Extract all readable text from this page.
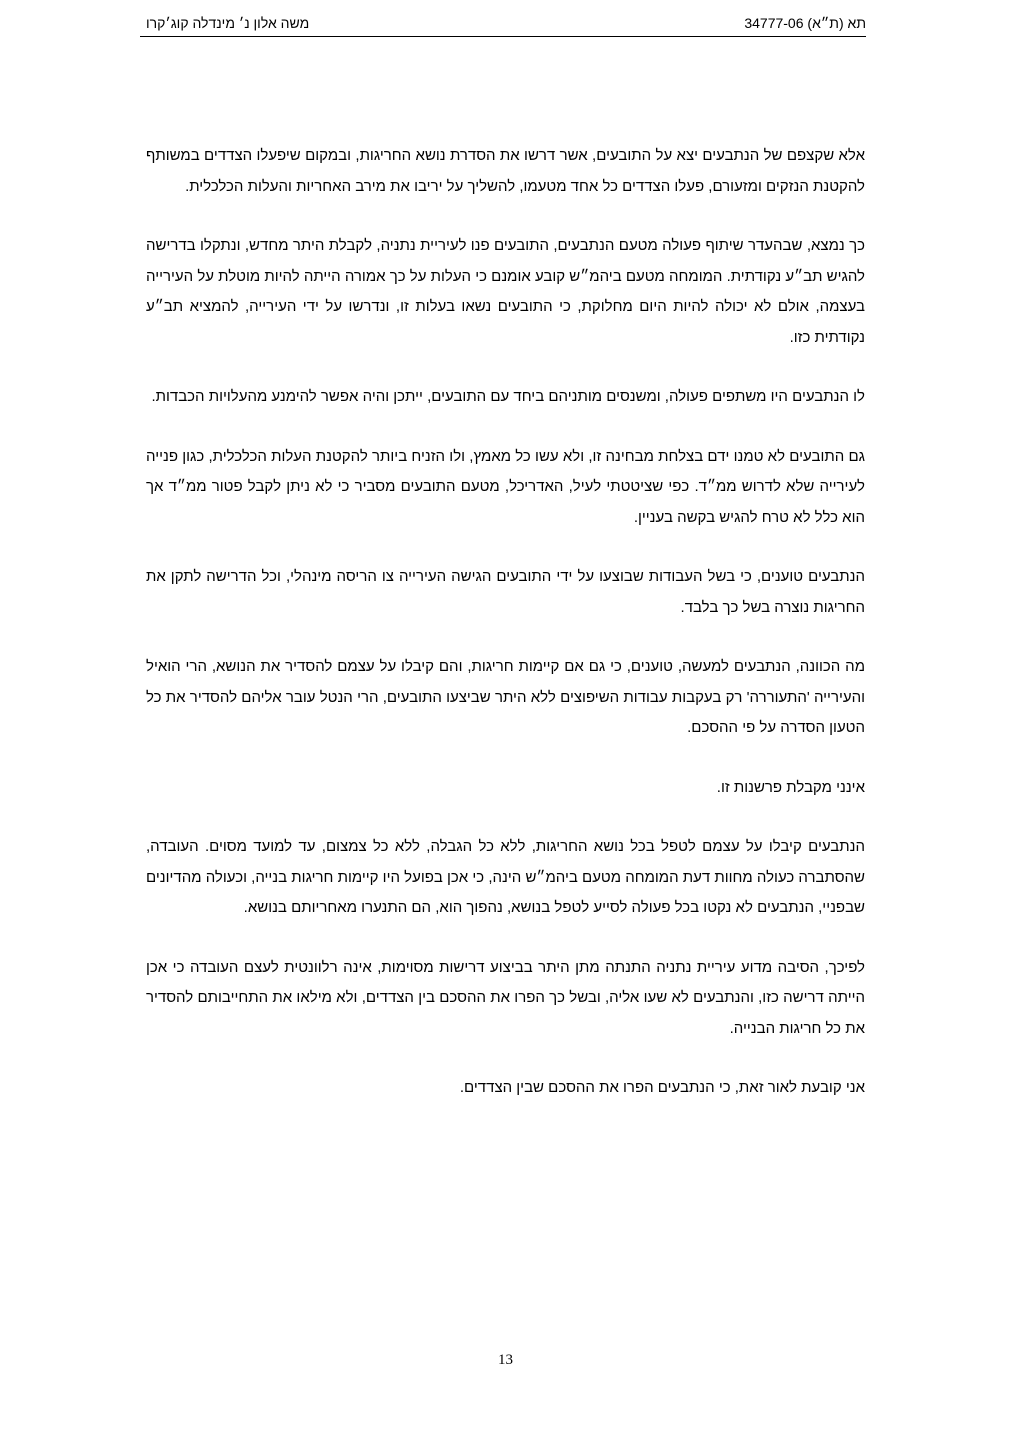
תא (ת״א) 34777-06
משה אלון נ׳ מינדלה קוג׳קרו

אלא שקצפם של הנתבעים יצא על התובעים, אשר דרשו את הסדרת נושא החריגות, ובמקום שיפעלו הצדדים במשותף להקטנת הנזקים ומזעורם, פעלו הצדדים כל אחד מטעמו, להשליך על יריבו את מירב האחריות והעלות הכלכלית.

כך נמצא, שבהעדר שיתוף פעולה מטעם הנתבעים, התובעים פנו לעיריית נתניה, לקבלת היתר מחדש, ונתקלו בדרישה להגיש תב״ע נקודתית. המומחה מטעם ביהמ״ש קובע אומנם כי העלות על כך אמורה הייתה להיות מוטלת על העירייה בעצמה, אולם לא יכולה להיות היום מחלוקת, כי התובעים נשאו בעלות זו, ונדרשו על ידי העירייה, להמציא תב״ע נקודתית כזו.

לו הנתבעים היו משתפים פעולה, ומשנסים מותניהם ביחד עם התובעים, ייתכן והיה אפשר להימנע מהעלויות הכבדות.

גם התובעים לא טמנו ידם בצלחת מבחינה זו, ולא עשו כל מאמץ, ולו הזניח ביותר להקטנת העלות הכלכלית, כגון פנייה לעירייה שלא לדרוש ממ״ד. כפי שציטטתי לעיל, האדריכל, מטעם התובעים מסביר כי לא ניתן לקבל פטור ממ״ד אך הוא כלל לא טרח להגיש בקשה בעניין.

הנתבעים טוענים, כי בשל העבודות שבוצעו על ידי התובעים הגישה העירייה צו הריסה מינהלי, וכל הדרישה לתקן את החריגות נוצרה בשל כך בלבד.

מה הכוונה, הנתבעים למעשה, טוענים, כי גם אם קיימות חריגות, והם קיבלו על עצמם להסדיר את הנושא, הרי הואיל והעירייה 'התעוררה' רק בעקבות עבודות השיפוצים ללא היתר שביצעו התובעים, הרי הנטל עובר אליהם להסדיר את כל הטעון הסדרה על פי ההסכם.

אינני מקבלת פרשנות זו.

הנתבעים קיבלו על עצמם לטפל בכל נושא החריגות, ללא כל הגבלה, ללא כל צמצום, עד למועד מסוים. העובדה, שהסתברה כעולה מחוות דעת המומחה מטעם ביהמ״ש הינה, כי אכן בפועל היו קיימות חריגות בנייה, וכעולה מהדיונים שבפניי, הנתבעים לא נקטו בכל פעולה לסייע לטפל בנושא, נהפוך הוא, הם התנערו מאחריותם בנושא.

לפיכך, הסיבה מדוע עיריית נתניה התנתה מתן היתר בביצוע דרישות מסוימות, אינה רלוונטית לעצם העובדה כי אכן הייתה דרישה כזו, והנתבעים לא שעו אליה, ובשל כך הפרו את ההסכם בין הצדדים, ולא מילאו את התחייבותם להסדיר את כל חריגות הבנייה.

אני קובעת לאור זאת, כי הנתבעים הפרו את ההסכם שבין הצדדים.

13
